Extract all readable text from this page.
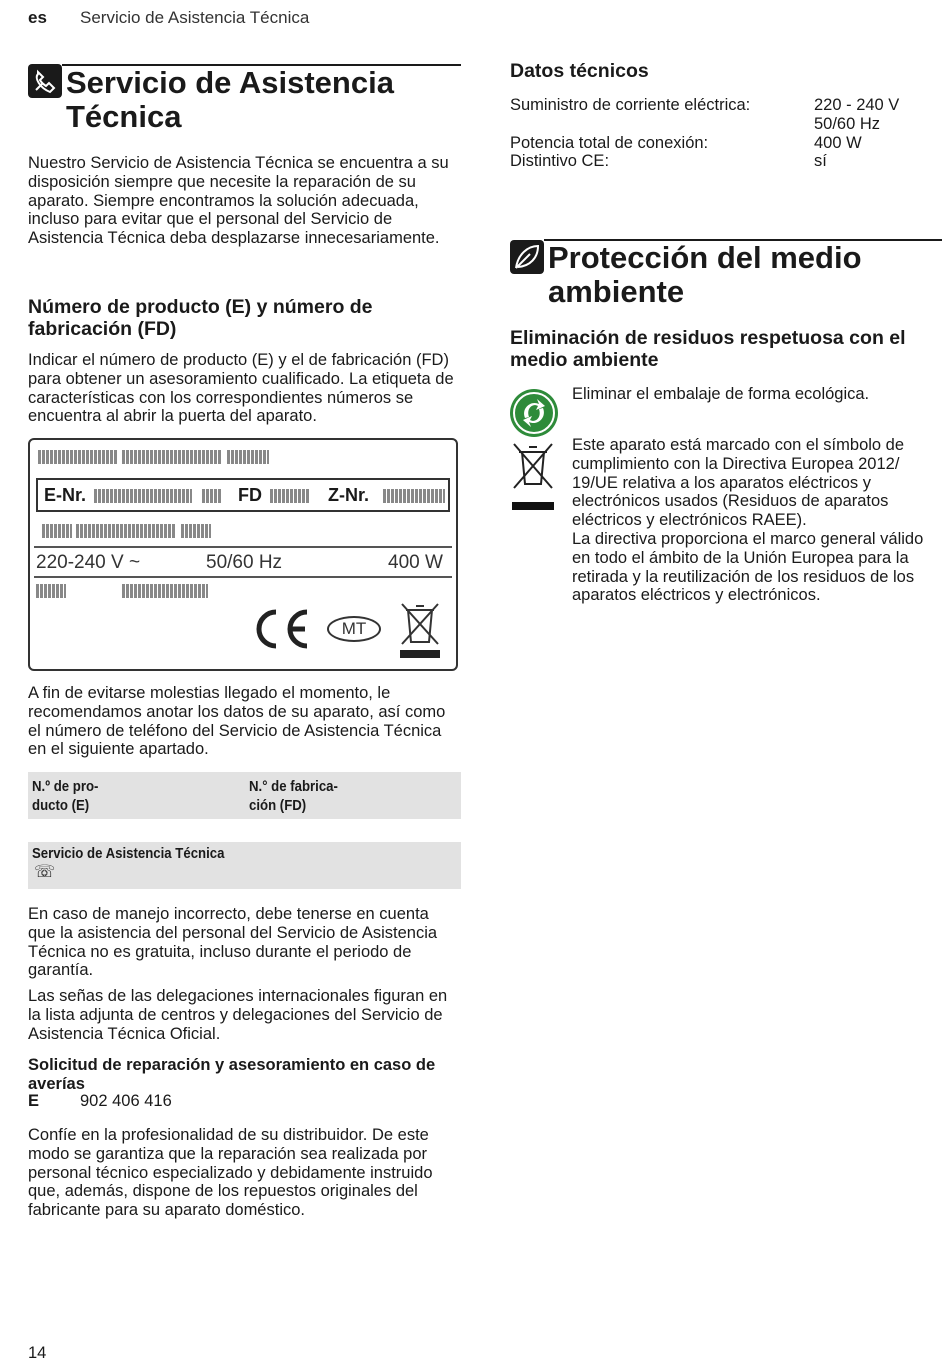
es Servicio de Asistencia Técnica
Servicio de Asistencia
Técnica
Nuestro Servicio de Asistencia Técnica se encuentra a su disposición siempre que necesite la reparación de su aparato. Siempre encontramos la solución adecuada, incluso para evitar que el personal del Servicio de Asistencia Técnica deba desplazarse innecesariamente.
Número de producto (E) y número de
fabricación (FD)
Indicar el número de producto (E) y el de fabricación (FD) para obtener un asesoramiento cualificado. La etiqueta de características con los correspondientes números se encuentra al abrir la puerta del aparato.

E-Nr.	FD	Z-Nr.

220-240 V ~	50/60 Hz	400 W
MT
A fin de evitarse molestias llegado el momento, le recomendamos anotar los datos de su aparato, así como el número de teléfono del Servicio de Asistencia Técnica en el siguiente apartado.
N.º de pro-
ducto (E)
N.° de fabrica-
ción (FD)
Servicio de Asistencia Técnica
☏
En caso de manejo incorrecto, debe tenerse en cuenta que la asistencia del personal del Servicio de Asistencia Técnica no es gratuita, incluso durante el periodo de garantía.
Las señas de las delegaciones internacionales figuran en la lista adjunta de centros y delegaciones del Servicio de Asistencia Técnica Oficial.
Solicitud de reparación y asesoramiento en caso de
averías
E 902 406 416
Confíe en la profesionalidad de su distribuidor. De este modo se garantiza que la reparación sea realizada por personal técnico especializado y debidamente instruido que, además, dispone de los repuestos originales del fabricante para su aparato doméstico.
Datos técnicos
Suministro de corriente eléctrica:	220 - 240 V
50/60 Hz
Potencia total de conexión:	400 W
Distintivo CE:	sí
Protección del medio
ambiente
Eliminación de residuos respetuosa con el
medio ambiente
Eliminar el embalaje de forma ecológica.
Este aparato está marcado con el símbolo de cumplimiento con la Directiva Europea 2012/ 19/UE relativa a los aparatos eléctricos y electrónicos usados (Residuos de aparatos eléctricos y electrónicos RAEE).
La directiva proporciona el marco general válido en todo el ámbito de la Unión Europea para la retirada y la reutilización de los residuos de los aparatos eléctricos y electrónicos.
14
